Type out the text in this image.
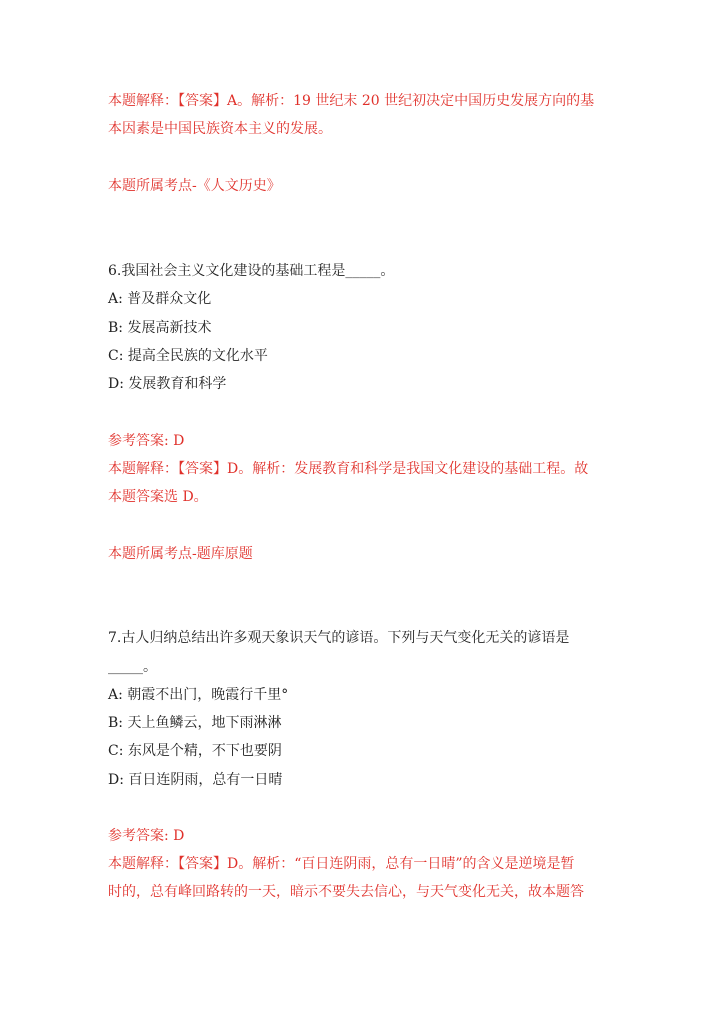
本题解释：【答案】A。解析：19 世纪末 20 世纪初决定中国历史发展方向的基
本因素是中国民族资本主义的发展。
本题所属考点-《人文历史》
6.我国社会主义文化建设的基础工程是_____。
A: 普及群众文化
B: 发展高新技术
C: 提高全民族的文化水平
D: 发展教育和科学
参考答案: D
本题解释：【答案】D。解析：发展教育和科学是我国文化建设的基础工程。故
本题答案选 D。
本题所属考点-题库原题
7.古人归纳总结出许多观天象识天气的谚语。下列与天气变化无关的谚语是
_____。
A: 朝霞不出门，晚霞行千里°
B: 天上鱼鳞云，地下雨淋淋
C: 东风是个精，不下也要阴
D: 百日连阴雨，总有一日晴
参考答案: D
本题解释：【答案】D。解析：“百日连阴雨，总有一日晴”的含义是逆境是暂
时的，总有峰回路转的一天，暗示不要失去信心，与天气变化无关，故本题答
